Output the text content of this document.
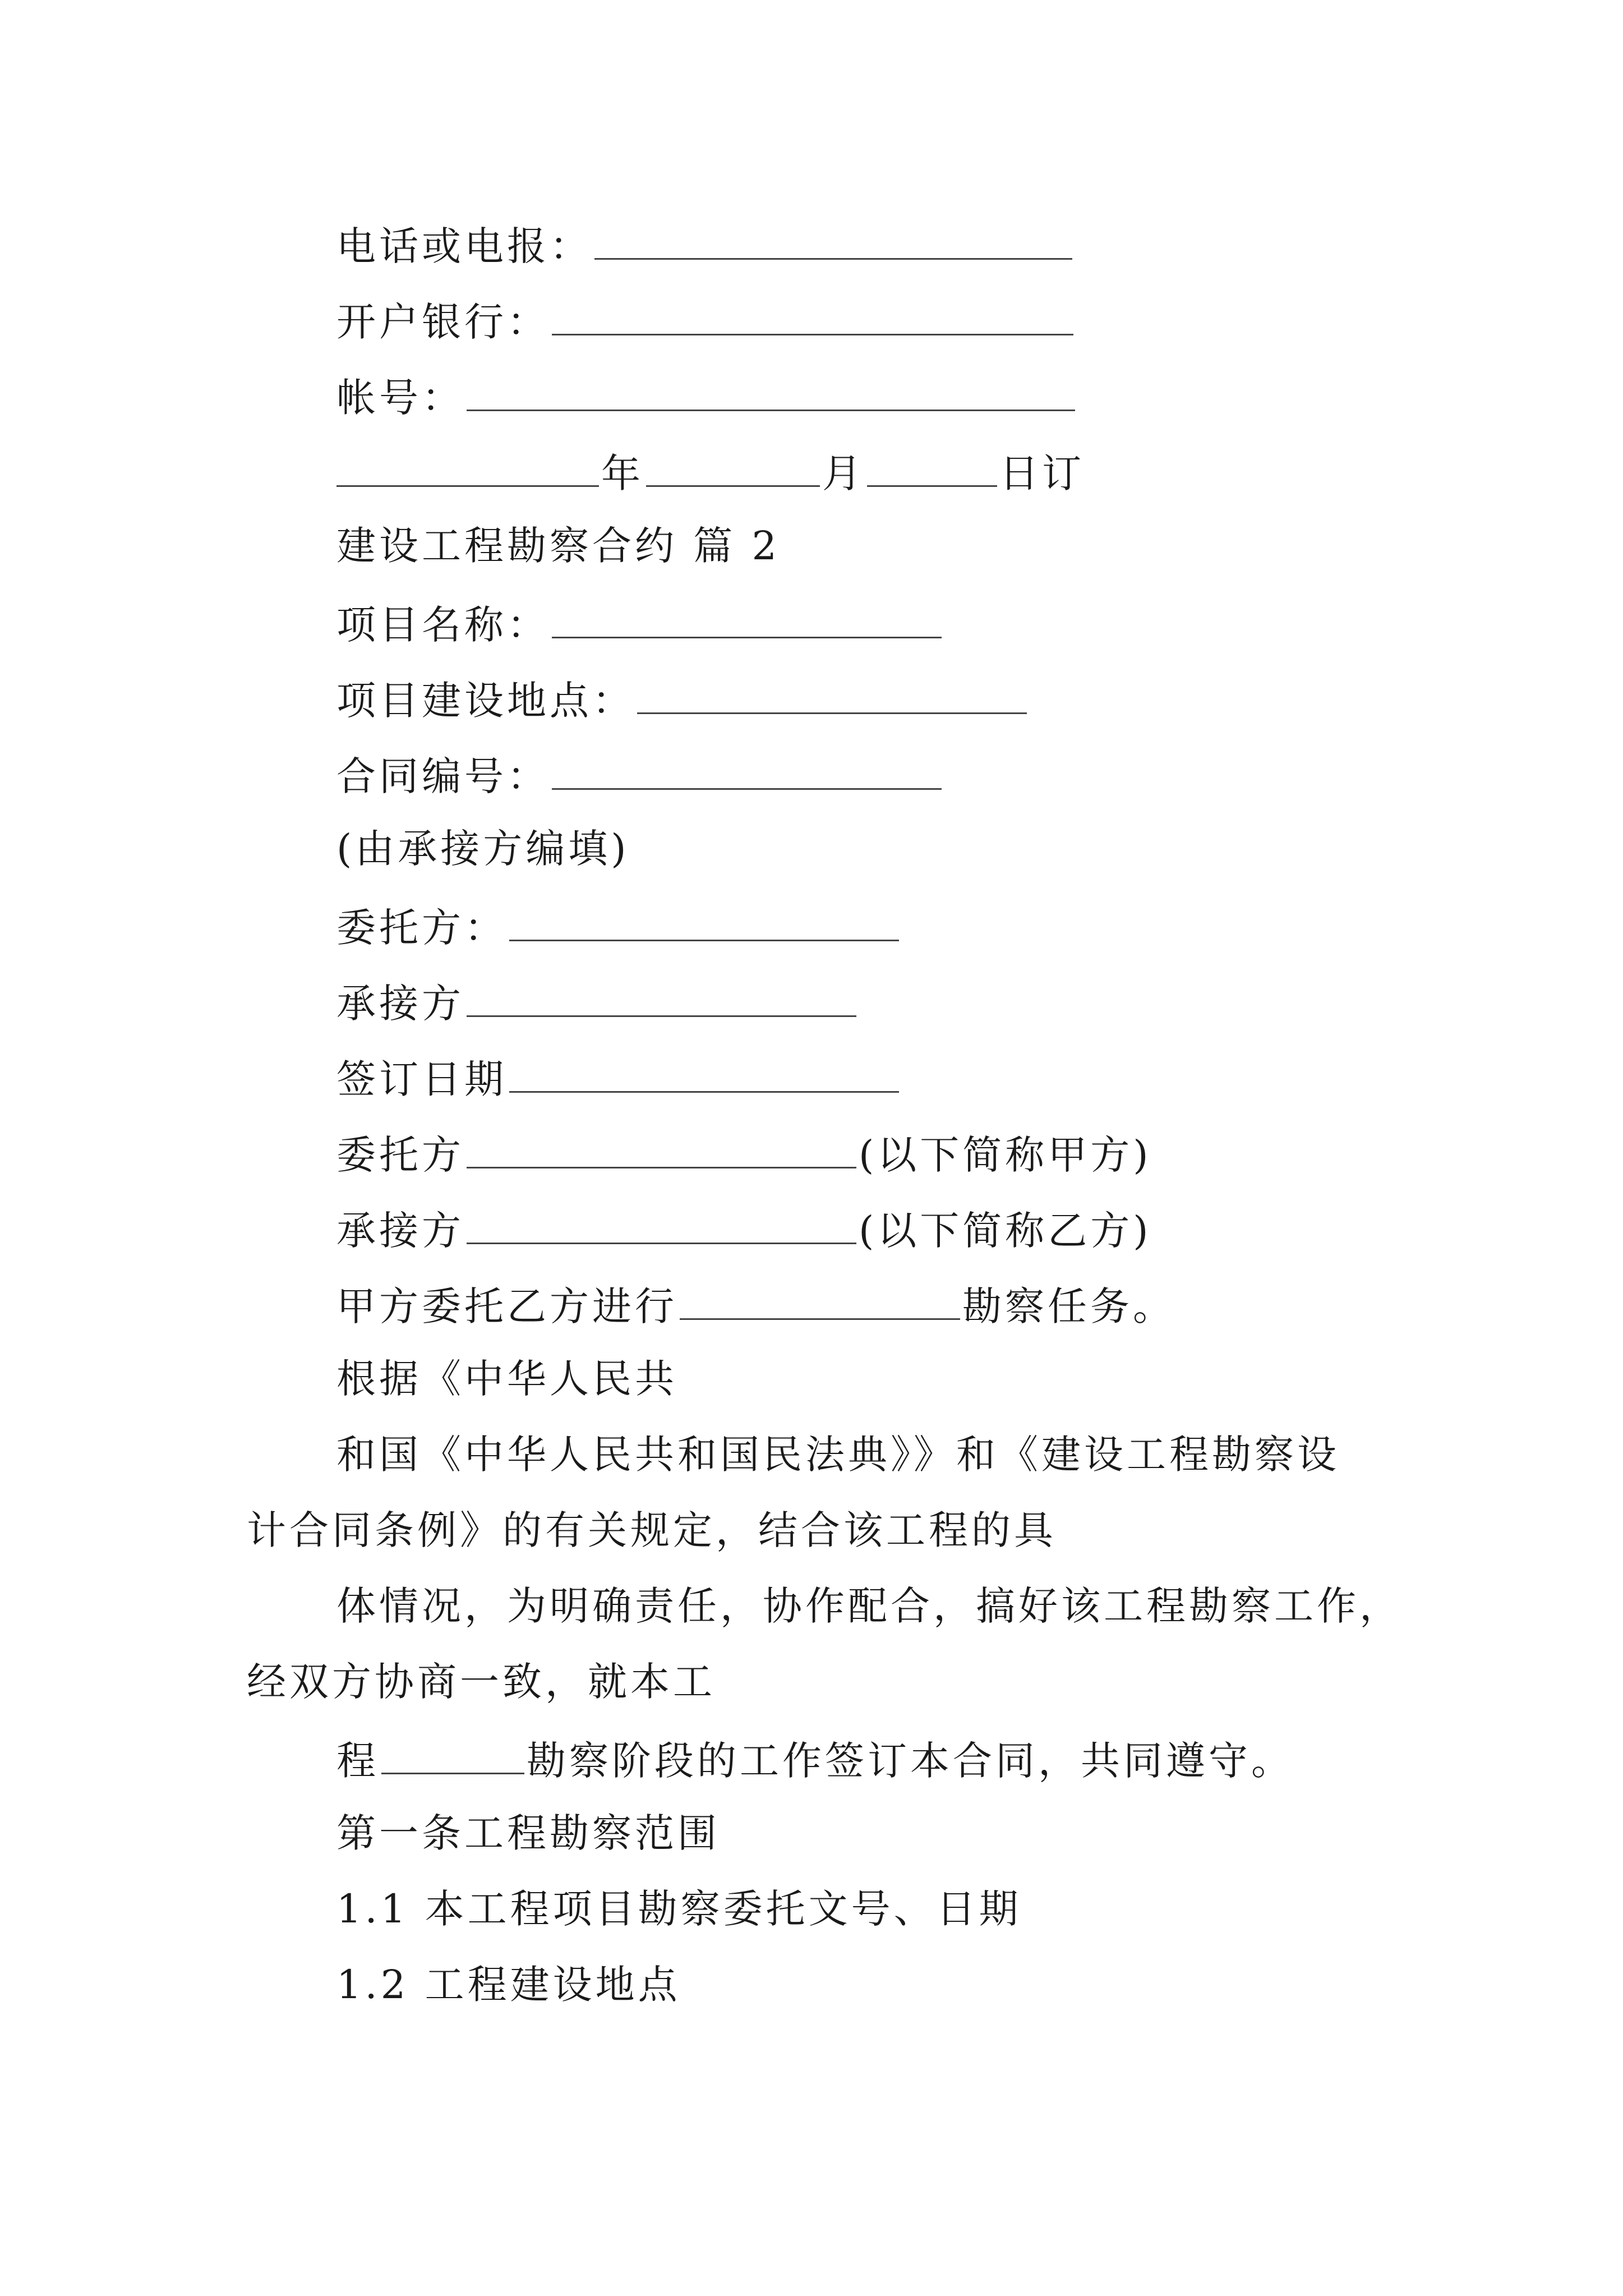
电话或电报：
开户银行：
帐号：
年	月	日订
建设工程勘察合约 篇 2
项目名称：
项目建设地点：
合同编号：
(由承接方编填)
委托方：
承接方
签订日期
委托方	(以下简称甲方)
承接方	(以下简称乙方)
甲方委托乙方进行	勘察任务。
根据《中华人民共
和国《中华人民共和国民法典》》和《建设工程勘察设
计合同条例》的有关规定，结合该工程的具
体情况，为明确责任，协作配合，搞好该工程勘察工作，
经双方协商一致，就本工
程	勘察阶段的工作签订本合同，共同遵守。
第一条工程勘察范围
1.1 本工程项目勘察委托文号、日期
1.2 工程建设地点
